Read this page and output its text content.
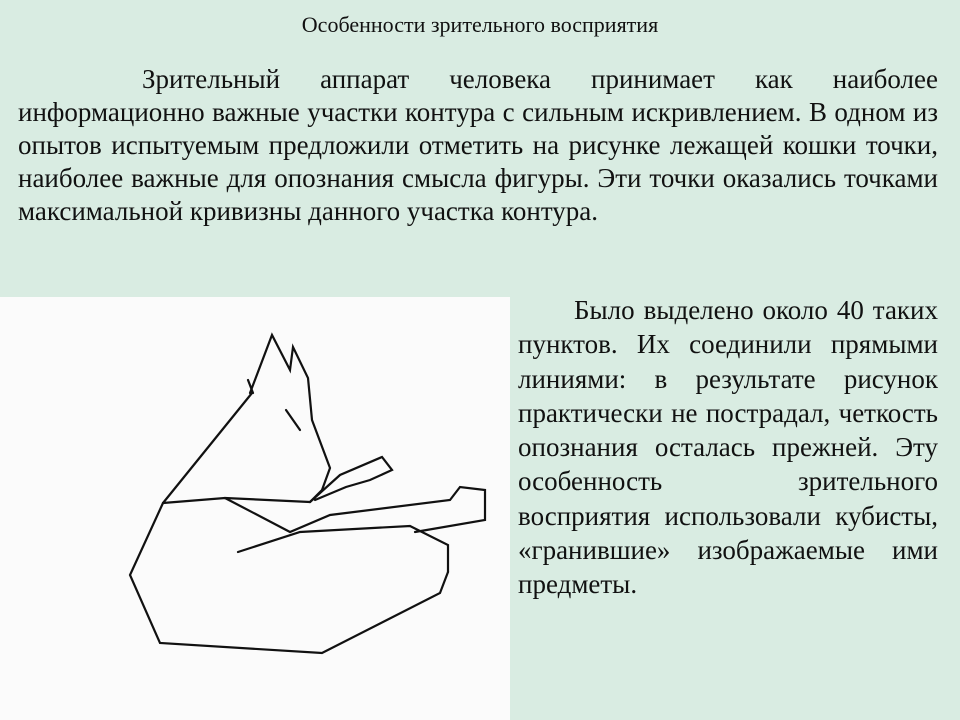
Особенности зрительного восприятия
Зрительный аппарат человека принимает как наиболее информационно важные участки контура с сильным искривлением. В одном из опытов испытуемым предложили отметить на рисунке лежащей кошки точки, наиболее важные для опознания смысла фигуры. Эти точки оказались точками максимальной кривизны данного участка контура.
Было выделено около 40 таких пунктов. Их соединили прямыми линиями: в результате рисунок практически не пострадал, четкость опознания осталась прежней. Эту особенность зрительного восприятия использовали кубисты, «гранившие» изображаемые ими предметы.
